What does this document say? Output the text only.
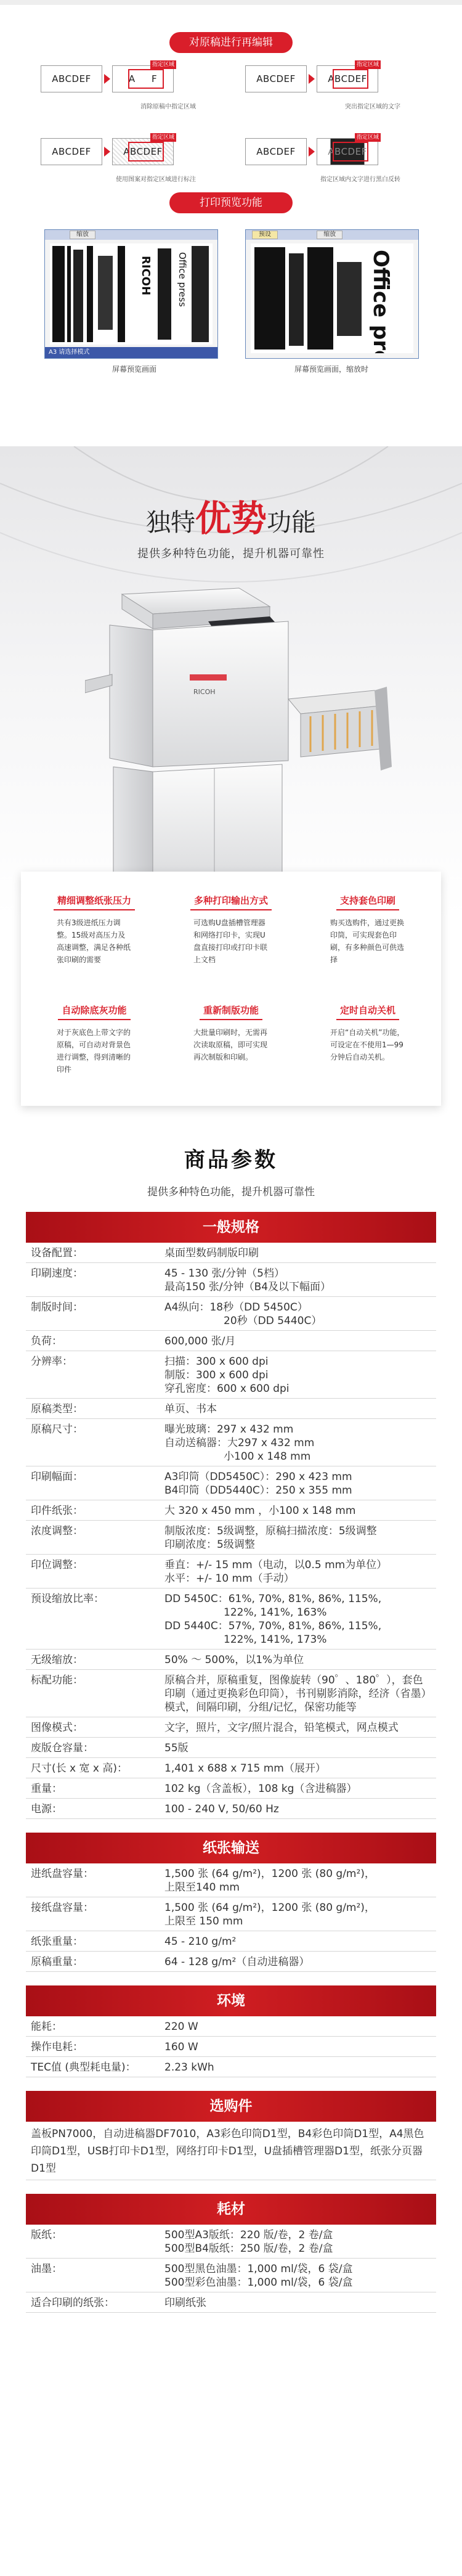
对原稿进行再编辑
ABCDEF	A     F
指定区域
消除原稿中指定区域
ABCDEF	ABCDEF
指定区域
突出指定区域的文字
ABCDEF	ABCDEF
指定区域
使用图案对指定区域进行标注
ABCDEF	ABCDEF
指定区域
指定区域内文字进行黑白反转
打印预览功能
缩放
RICOH	Office press
A3 请选择模式
预设	缩放
Office press
屏幕预览画面	屏幕预览画面，缩放时
独特优势功能
提供多种特色功能，提升机器可靠性
RICOH
精细调整纸张压力
共有3级进纸压力调整。15级对高压力及高速调整，满足各种纸张印刷的需要
多种打印输出方式
可选购U盘插槽管理器和网络打印卡，实现U盘直接打印或打印卡联上文档
支持套色印刷
购买选购件，通过更换印筒，可实现套色印刷，有多种颜色可供选择
自动除底灰功能
对于灰底色上带文字的原稿，可自动对背景色进行调整，得到清晰的印件
重新制版功能
大批量印刷时，无需再次读取原稿，即可实现再次制版和印刷。
定时自动关机
开启“自动关机”功能，可设定在不使用1—99分钟后自动关机。
商品参数
提供多种特色功能，提升机器可靠性
一般规格
设备配置：	桌面型数码制版印刷
印刷速度：	45 - 130 张/分钟（5档）
最高150 张/分钟（B4及以下幅面）
制版时间：	A4纵向：18秒（DD 5450C）
20秒（DD 5440C）
负荷：	600,000 张/月
分辨率：	扫描：300 x 600 dpi
制版：300 x 600 dpi
穿孔密度：600 x 600 dpi
原稿类型：	单页、书本
原稿尺寸：	曝光玻璃：297 x 432 mm
自动送稿器：大297 x 432 mm
小100 x 148 mm
印刷幅面：	A3印筒（DD5450C）：290 x 423 mm
B4印筒（DD5440C）：250 x 355 mm
印件纸张：	大 320 x 450 mm ，小100 x 148 mm
浓度调整：	制版浓度：5级调整，原稿扫描浓度：5级调整
印刷浓度：5级调整
印位调整：	垂直：+/- 15 mm（电动，以0.5 mm为单位）
水平：+/- 10 mm（手动）
预设缩放比率：	DD 5450C：61%, 70%, 81%, 86%, 115%,
122%, 141%, 163%
DD 5440C：57%, 70%, 81%, 86%, 115%,
122%, 141%, 173%
无级缩放：	50% ～ 500%，以1%为单位
标配功能：	原稿合并，原稿重复，图像旋转（90゜、180゜），套色印刷（通过更换彩色印筒），书刊剔影消除，经济（省墨）模式，间隔印刷，分组/记忆，保密功能等
图像模式：	文字，照片，文字/照片混合，铅笔模式，网点模式
废版仓容量：	55版
尺寸(长 x 宽 x 高)：	1,401 x 688 x 715 mm（展开）
重量：	102 kg（含盖板），108 kg（含进稿器）
电源：	100 - 240 V, 50/60 Hz
纸张输送
进纸盘容量：	1,500 张 (64 g/m²)，1200 张 (80 g/m²)，
上限至140 mm
接纸盘容量：	1,500 张 (64 g/m²)，1200 张 (80 g/m²)，
上限至 150 mm
纸张重量：	45 - 210 g/m²
原稿重量：	64 - 128 g/m²（自动进稿器）
环境
能耗：	220 W
操作电耗：	160 W
TEC值 (典型耗电量)：	2.23 kWh
选购件
盖板PN7000，自动进稿器DF7010，A3彩色印筒D1型，B4彩色印筒D1型，A4黑色印筒D1型，USB打印卡D1型，网络打印卡D1型，U盘插槽管理器D1型，纸张分页器D1型
耗材
版纸：	500型A3版纸：220 版/卷，2 卷/盒
500型B4版纸：250 版/卷，2 卷/盒
油墨：	500型黑色油墨：1,000 ml/袋，6 袋/盒
500型彩色油墨：1,000 ml/袋，6 袋/盒
适合印刷的纸张：	印刷纸张
